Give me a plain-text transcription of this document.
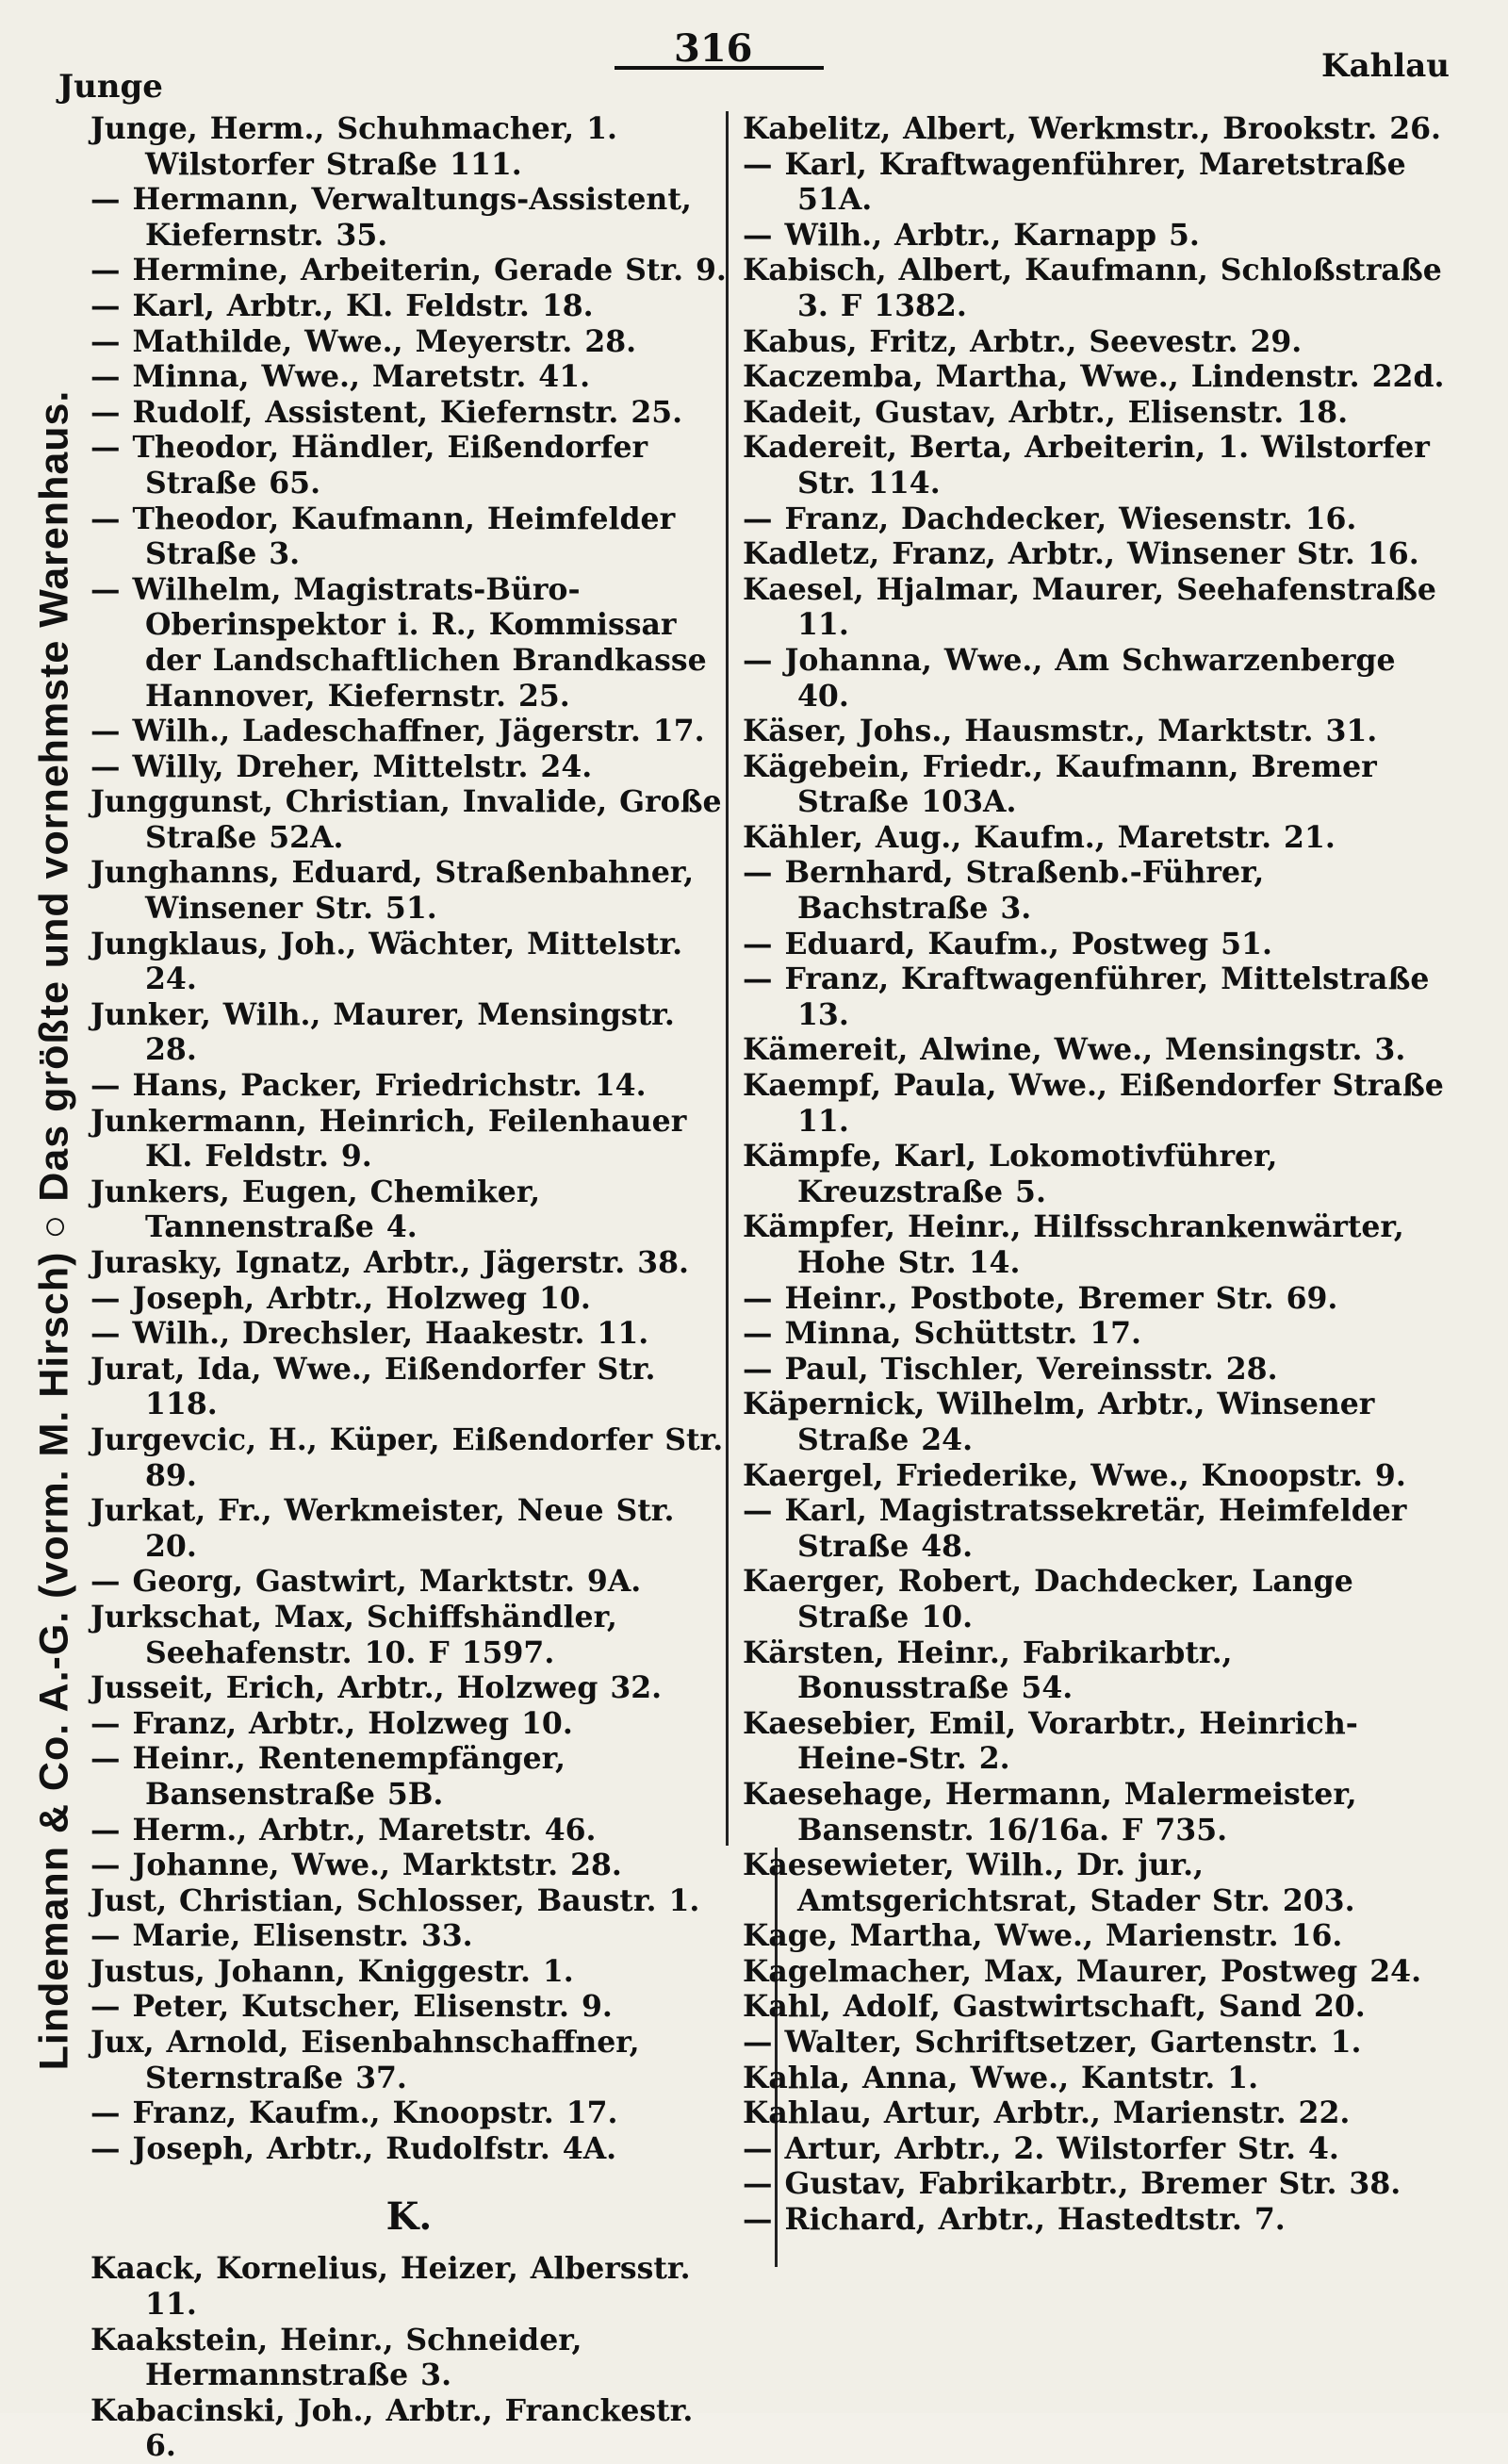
Junge
316	Kahlau
Lindemann & Co. A.-G. (vorm. M. Hirsch) ○ Das größte und vornehmste Warenhaus.
Junge, Herm., Schuhmacher, 1. Wilstorfer Straße 111.
— Hermann, Verwaltungs-Assistent, Kiefernstr. 35.
— Hermine, Arbeiterin, Gerade Str. 9.
— Karl, Arbtr., Kl. Feldstr. 18.
— Mathilde, Wwe., Meyerstr. 28.
— Minna, Wwe., Maretstr. 41.
— Rudolf, Assistent, Kiefernstr. 25.
— Theodor, Händler, Eißendorfer Straße 65.
— Theodor, Kaufmann, Heimfelder Straße 3.
— Wilhelm, Magistrats-Büro-Oberinspektor i. R., Kommissar der Landschaftlichen Brandkasse Hannover, Kiefernstr. 25.
— Wilh., Ladeschaffner, Jägerstr. 17.
— Willy, Dreher, Mittelstr. 24.
Junggunst, Christian, Invalide, Große Straße 52A.
Junghanns, Eduard, Straßenbahner, Winsener Str. 51.
Jungklaus, Joh., Wächter, Mittelstr. 24.
Junker, Wilh., Maurer, Mensingstr. 28.
— Hans, Packer, Friedrichstr. 14.
Junkermann, Heinrich, Feilenhauer Kl. Feldstr. 9.
Junkers, Eugen, Chemiker, Tannenstraße 4.
Jurasky, Ignatz, Arbtr., Jägerstr. 38.
— Joseph, Arbtr., Holzweg 10.
— Wilh., Drechsler, Haakestr. 11.
Jurat, Ida, Wwe., Eißendorfer Str. 118.
Jurgevcic, H., Küper, Eißendorfer Str. 89.
Jurkat, Fr., Werkmeister, Neue Str. 20.
— Georg, Gastwirt, Marktstr. 9A.
Jurkschat, Max, Schiffshändler, Seehafenstr. 10. F 1597.
Jusseit, Erich, Arbtr., Holzweg 32.
— Franz, Arbtr., Holzweg 10.
— Heinr., Rentenempfänger, Bansenstraße 5B.
— Herm., Arbtr., Maretstr. 46.
— Johanne, Wwe., Marktstr. 28.
Just, Christian, Schlosser, Baustr. 1.
— Marie, Elisenstr. 33.
Justus, Johann, Kniggestr. 1.
— Peter, Kutscher, Elisenstr. 9.
Jux, Arnold, Eisenbahnschaffner, Sternstraße 37.
— Franz, Kaufm., Knoopstr. 17.
— Joseph, Arbtr., Rudolfstr. 4A.
K.
Kaack, Kornelius, Heizer, Albersstr. 11.
Kaakstein, Heinr., Schneider, Hermannstraße 3.
Kabacinski, Joh., Arbtr., Franckestr. 6.
Kabelitz, Albert, Werkmstr., Brookstr. 26.
— Karl, Kraftwagenführer, Maretstraße 51A.
— Wilh., Arbtr., Karnapp 5.
Kabisch, Albert, Kaufmann, Schloßstraße 3. F 1382.
Kabus, Fritz, Arbtr., Seevestr. 29.
Kaczemba, Martha, Wwe., Lindenstr. 22d.
Kadeit, Gustav, Arbtr., Elisenstr. 18.
Kadereit, Berta, Arbeiterin, 1. Wilstorfer Str. 114.
— Franz, Dachdecker, Wiesenstr. 16.
Kadletz, Franz, Arbtr., Winsener Str. 16.
Kaesel, Hjalmar, Maurer, Seehafenstraße 11.
— Johanna, Wwe., Am Schwarzenberge 40.
Käser, Johs., Hausmstr., Marktstr. 31.
Kägebein, Friedr., Kaufmann, Bremer Straße 103A.
Kähler, Aug., Kaufm., Maretstr. 21.
— Bernhard, Straßenb.-Führer, Bachstraße 3.
— Eduard, Kaufm., Postweg 51.
— Franz, Kraftwagenführer, Mittelstraße 13.
Kämereit, Alwine, Wwe., Mensingstr. 3.
Kaempf, Paula, Wwe., Eißendorfer Straße 11.
Kämpfe, Karl, Lokomotivführer, Kreuzstraße 5.
Kämpfer, Heinr., Hilfsschrankenwärter, Hohe Str. 14.
— Heinr., Postbote, Bremer Str. 69.
— Minna, Schüttstr. 17.
— Paul, Tischler, Vereinsstr. 28.
Käpernick, Wilhelm, Arbtr., Winsener Straße 24.
Kaergel, Friederike, Wwe., Knoopstr. 9.
— Karl, Magistratssekretär, Heimfelder Straße 48.
Kaerger, Robert, Dachdecker, Lange Straße 10.
Kärsten, Heinr., Fabrikarbtr., Bonusstraße 54.
Kaesebier, Emil, Vorarbtr., Heinrich-Heine-Str. 2.
Kaesehage, Hermann, Malermeister, Bansenstr. 16/16a. F 735.
Kaesewieter, Wilh., Dr. jur., Amtsgerichtsrat, Stader Str. 203.
Kage, Martha, Wwe., Marienstr. 16.
Kagelmacher, Max, Maurer, Postweg 24.
Kahl, Adolf, Gastwirtschaft, Sand 20.
— Walter, Schriftsetzer, Gartenstr. 1.
Kahla, Anna, Wwe., Kantstr. 1.
Kahlau, Artur, Arbtr., Marienstr. 22.
— Artur, Arbtr., 2. Wilstorfer Str. 4.
— Gustav, Fabrikarbtr., Bremer Str. 38.
— Richard, Arbtr., Hastedtstr. 7.
